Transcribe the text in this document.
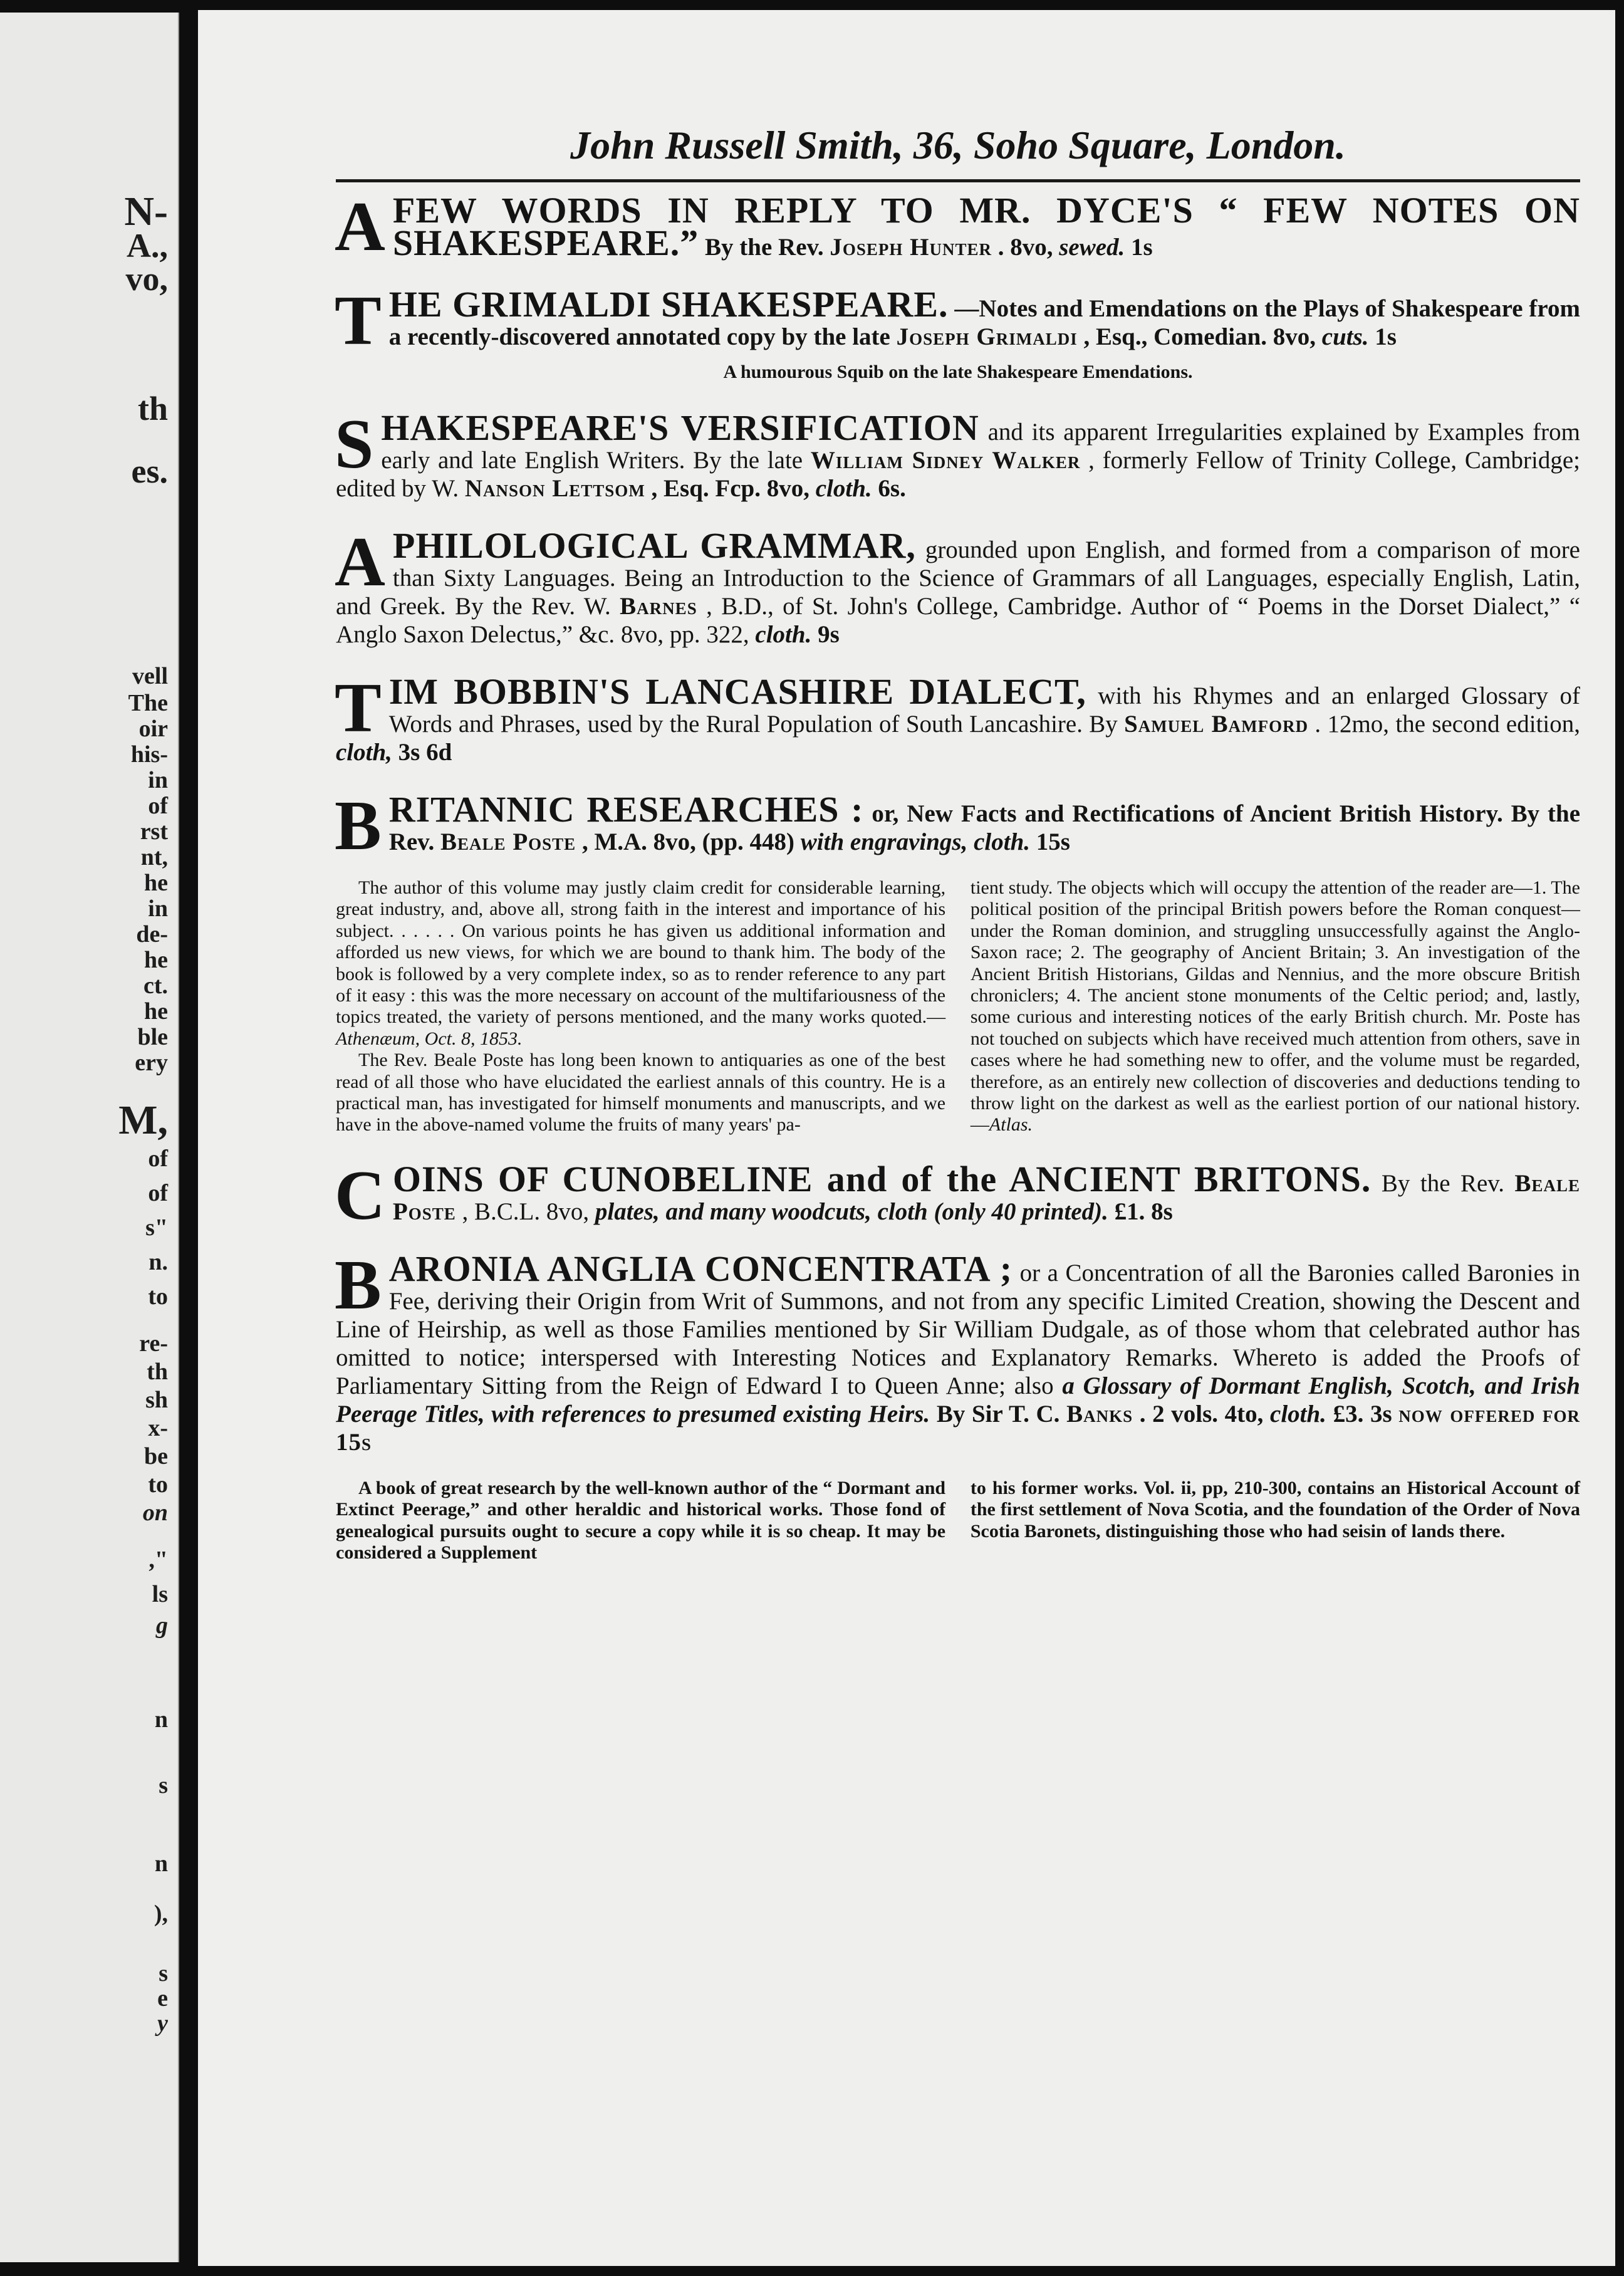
N-
A.,
vo,
th
es.
vell
The
oir
his-
in
of
rst
nt,
he
in
de-
he
ct.
he
ble
ery
M,
of
of
s"
n.
to
re-
th
sh
x-
be
to
on
,"
ls
g
n
s
n
),
s
e
y
John Russell Smith, 36, Soho Square, London.
A FEW WORDS IN REPLY TO MR. DYCE'S “ FEW NOTES ON SHAKESPEARE.” By the Rev. Joseph Hunter . 8vo, sewed. 1s
T HE GRIMALDI SHAKESPEARE. —Notes and Emendations on the Plays of Shakespeare from a recently-discovered annotated copy by the late Joseph Grimaldi , Esq., Comedian. 8vo, cuts. 1s
A humourous Squib on the late Shakespeare Emendations.
S HAKESPEARE'S VERSIFICATION and its apparent Irregularities explained by Examples from early and late English Writers. By the late William Sidney Walker , formerly Fellow of Trinity College, Cambridge; edited by W. Nanson Lettsom , Esq. Fcp. 8vo, cloth. 6s.
A PHILOLOGICAL GRAMMAR, grounded upon English, and formed from a comparison of more than Sixty Languages. Being an Introduction to the Science of Grammars of all Languages, especially English, Latin, and Greek. By the Rev. W. Barnes , B.D., of St. John's College, Cambridge. Author of “ Poems in the Dorset Dialect,” “ Anglo Saxon Delectus,” &c. 8vo, pp. 322, cloth. 9s
T IM BOBBIN'S LANCASHIRE DIALECT, with his Rhymes and an enlarged Glossary of Words and Phrases, used by the Rural Population of South Lancashire. By Samuel Bamford . 12mo, the second edition, cloth, 3s 6d
B RITANNIC RESEARCHES : or, New Facts and Rectifications of Ancient British History. By the Rev. Beale Poste , M.A. 8vo, (pp. 448) with engravings, cloth. 15s

The author of this volume may justly claim credit for considerable learning, great industry, and, above all, strong faith in the interest and importance of his subject. . . . . . On various points he has given us additional information and afforded us new views, for which we are bound to thank him. The body of the book is followed by a very complete index, so as to render reference to any part of it easy : this was the more necessary on account of the multifariousness of the topics treated, the variety of persons mentioned, and the many works quoted.—Athenæum, Oct. 8, 1853.

The Rev. Beale Poste has long been known to antiquaries as one of the best read of all those who have elucidated the earliest annals of this country. He is a practical man, has investigated for himself monuments and manuscripts, and we have in the above-named volume the fruits of many years' pa-

tient study. The objects which will occupy the attention of the reader are—1. The political position of the principal British powers before the Roman conquest—under the Roman dominion, and struggling unsuccessfully against the Anglo-Saxon race; 2. The geography of Ancient Britain; 3. An investigation of the Ancient British Historians, Gildas and Nennius, and the more obscure British chroniclers; 4. The ancient stone monuments of the Celtic period; and, lastly, some curious and interesting notices of the early British church. Mr. Poste has not touched on subjects which have received much attention from others, save in cases where he had something new to offer, and the volume must be regarded, therefore, as an entirely new collection of discoveries and deductions tending to throw light on the darkest as well as the earliest portion of our national history.—Atlas.

C OINS OF CUNOBELINE and of the ANCIENT BRITONS. By the Rev. Beale Poste , B.C.L. 8vo, plates, and many woodcuts, cloth (only 40 printed). £1. 8s
B ARONIA ANGLIA CONCENTRATA ; or a Concentration of all the Baronies called Baronies in Fee, deriving their Origin from Writ of Summons, and not from any specific Limited Creation, showing the Descent and Line of Heirship, as well as those Families mentioned by Sir William Dudgale, as of those whom that celebrated author has omitted to notice; interspersed with Interesting Notices and Explanatory Remarks. Whereto is added the Proofs of Parliamentary Sitting from the Reign of Edward I to Queen Anne; also a Glossary of Dormant English, Scotch, and Irish Peerage Titles, with references to presumed existing Heirs. By Sir T. C. Banks . 2 vols. 4to, cloth. £3. 3s now offered for 15s

A book of great research by the well-known author of the “ Dormant and Extinct Peerage,” and other heraldic and historical works. Those fond of genealogical pursuits ought to secure a copy while it is so cheap. It may be considered a Supplement

to his former works. Vol. ii, pp, 210-300, contains an Historical Account of the first settlement of Nova Scotia, and the foundation of the Order of Nova Scotia Baronets, distinguishing those who had seisin of lands there.
